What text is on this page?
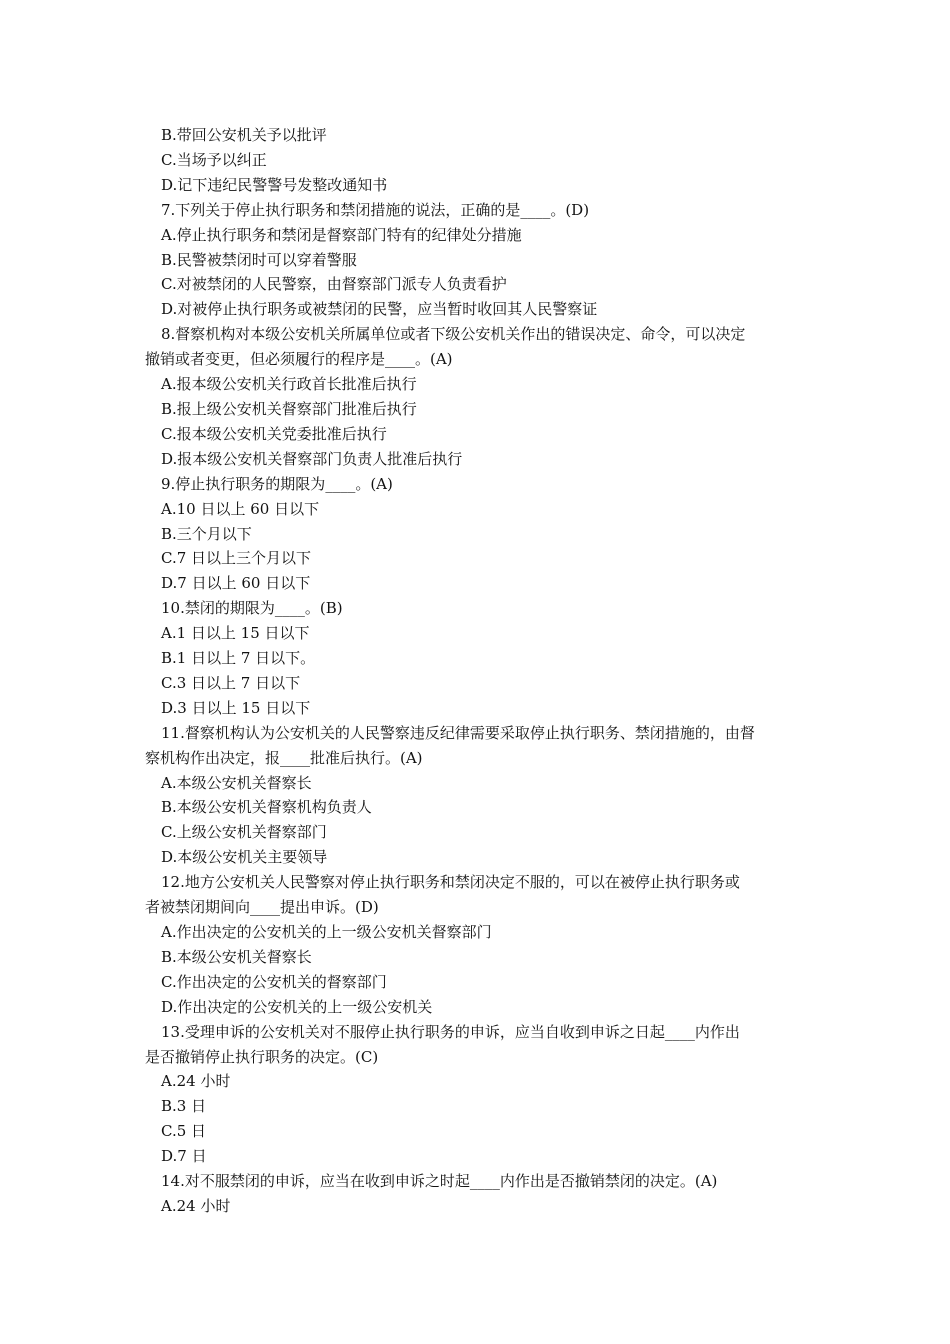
B.带回公安机关予以批评
C.当场予以纠正
D.记下违纪民警警号发整改通知书
7.下列关于停止执行职务和禁闭措施的说法，正确的是____。(D)
A.停止执行职务和禁闭是督察部门特有的纪律处分措施
B.民警被禁闭时可以穿着警服
C.对被禁闭的人民警察，由督察部门派专人负责看护
D.对被停止执行职务或被禁闭的民警，应当暂时收回其人民警察证
8.督察机构对本级公安机关所属单位或者下级公安机关作出的错误决定、命令，可以决定
撤销或者变更，但必须履行的程序是____。(A)
A.报本级公安机关行政首长批准后执行
B.报上级公安机关督察部门批准后执行
C.报本级公安机关党委批准后执行
D.报本级公安机关督察部门负责人批准后执行
9.停止执行职务的期限为____。(A)
A.10 日以上 60 日以下
B.三个月以下
C.7 日以上三个月以下
D.7 日以上 60 日以下
10.禁闭的期限为____。(B)
A.1 日以上 15 日以下
B.1 日以上 7 日以下。
C.3 日以上 7 日以下
D.3 日以上 15 日以下
11.督察机构认为公安机关的人民警察违反纪律需要采取停止执行职务、禁闭措施的，由督
察机构作出决定，报____批准后执行。(A)
A.本级公安机关督察长
B.本级公安机关督察机构负责人
C.上级公安机关督察部门
D.本级公安机关主要领导
12.地方公安机关人民警察对停止执行职务和禁闭决定不服的，可以在被停止执行职务或
者被禁闭期间向____提出申诉。(D)
A.作出决定的公安机关的上一级公安机关督察部门
B.本级公安机关督察长
C.作出决定的公安机关的督察部门
D.作出决定的公安机关的上一级公安机关
13.受理申诉的公安机关对不服停止执行职务的申诉，应当自收到申诉之日起____内作出
是否撤销停止执行职务的决定。(C)
A.24 小时
B.3 日
C.5 日
D.7 日
14.对不服禁闭的申诉，应当在收到申诉之时起____内作出是否撤销禁闭的决定。(A)
A.24 小时
